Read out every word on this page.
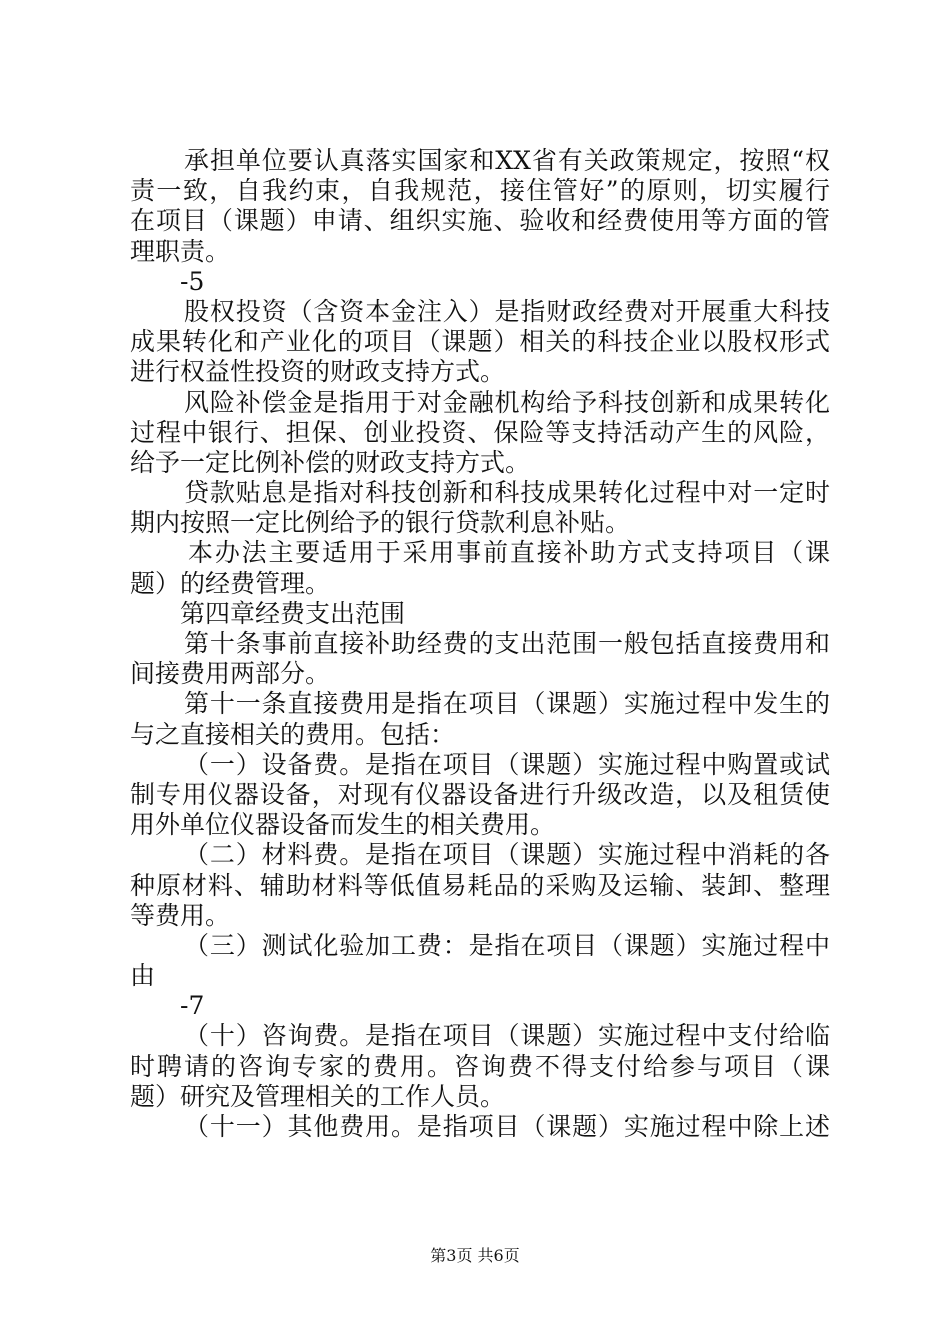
承担单位要认真落实国家和XX省有关政策规定，按照“权
责一致，自我约束，自我规范，接住管好”的原则，切实履行
在项目（课题）申请、组织实施、验收和经费使用等方面的管
理职责。
-5
股权投资（含资本金注入）是指财政经费对开展重大科技
成果转化和产业化的项目（课题）相关的科技企业以股权形式
进行权益性投资的财政支持方式。
风险补偿金是指用于对金融机构给予科技创新和成果转化
过程中银行、担保、创业投资、保险等支持活动产生的风险，
给予一定比例补偿的财政支持方式。
贷款贴息是指对科技创新和科技成果转化过程中对一定时
期内按照一定比例给予的银行贷款利息补贴。
本办法主要适用于采用事前直接补助方式支持项目（课
题）的经费管理。
第四章经费支出范围
第十条事前直接补助经费的支出范围一般包括直接费用和
间接费用两部分。
第十一条直接费用是指在项目（课题）实施过程中发生的
与之直接相关的费用。包括：
（一）设备费。是指在项目（课题）实施过程中购置或试
制专用仪器设备，对现有仪器设备进行升级改造，以及租赁使
用外单位仪器设备而发生的相关费用。
（二）材料费。是指在项目（课题）实施过程中消耗的各
种原材料、辅助材料等低值易耗品的采购及运输、装卸、整理
等费用。
（三）测试化验加工费：是指在项目（课题）实施过程中
由
-7
（十）咨询费。是指在项目（课题）实施过程中支付给临
时聘请的咨询专家的费用。咨询费不得支付给参与项目（课
题）研究及管理相关的工作人员。
（十一）其他费用。是指项目（课题）实施过程中除上述
第3页 共6页
